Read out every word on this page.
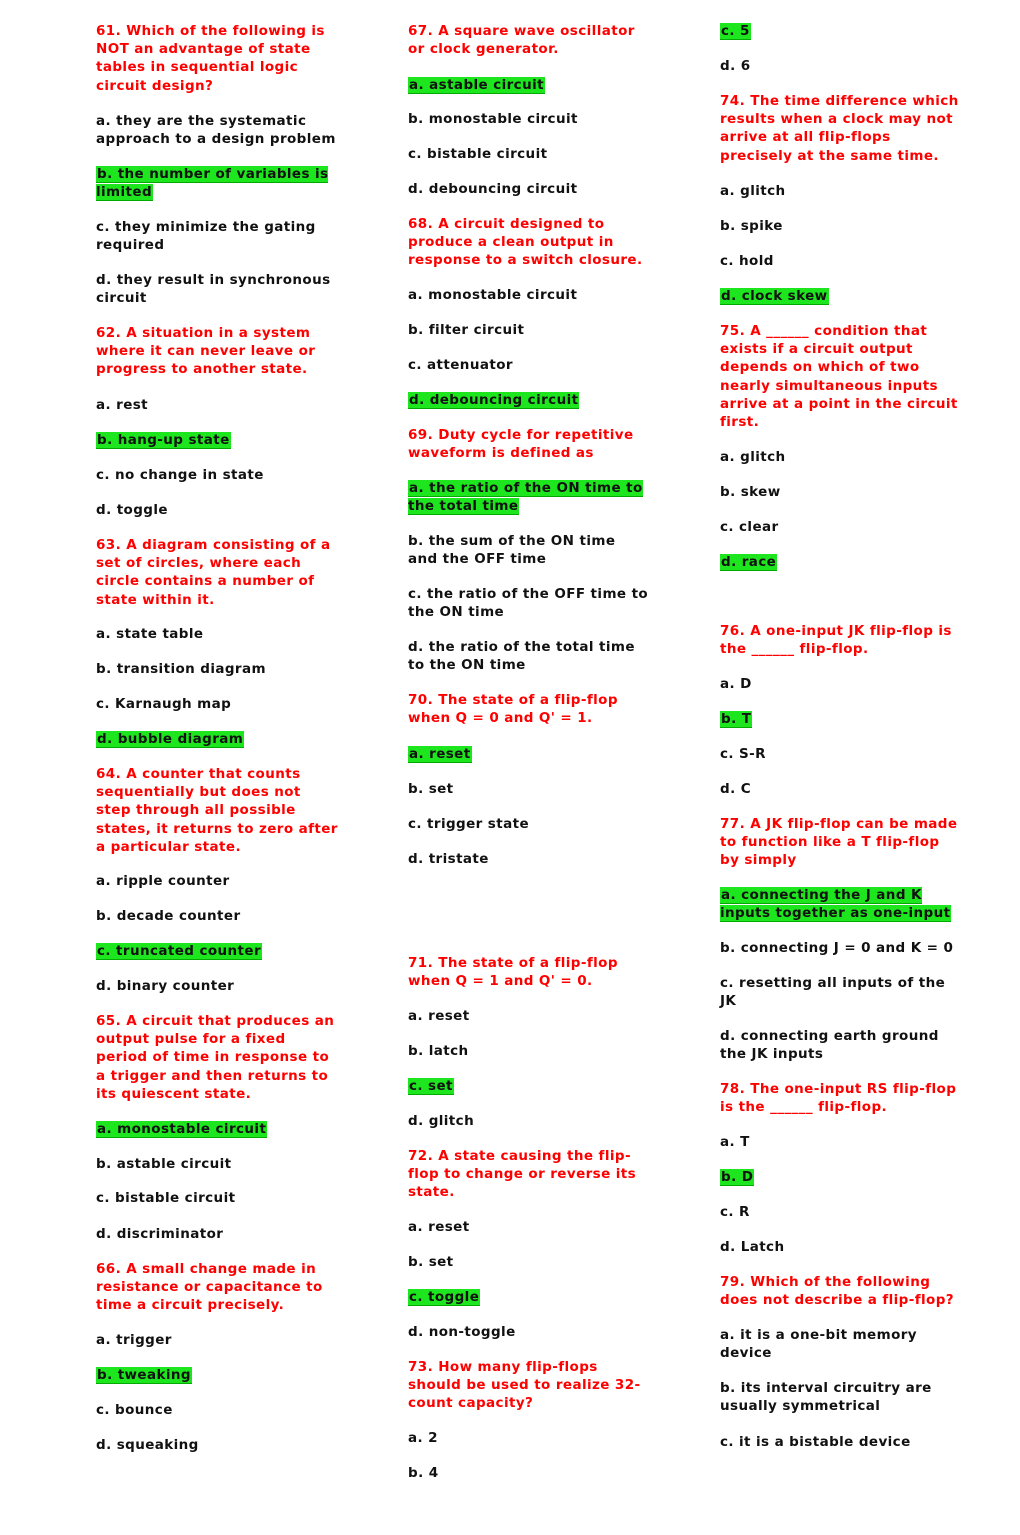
61. Which of the following is
NOT an advantage of state
tables in sequential logic
circuit design?
a. they are the systematic
approach to a design problem
b. the number of variables is
limited
c. they minimize the gating
required
d. they result in synchronous
circuit
62. A situation in a system
where it can never leave or
progress to another state.
a. rest
b. hang-up state
c. no change in state
d. toggle
63. A diagram consisting of a
set of circles, where each
circle contains a number of
state within it.
a. state table
b. transition diagram
c. Karnaugh map
d. bubble diagram
64. A counter that counts
sequentially but does not
step through all possible
states, it returns to zero after
a particular state.
a. ripple counter
b. decade counter
c. truncated counter
d. binary counter
65. A circuit that produces an
output pulse for a fixed
period of time in response to
a trigger and then returns to
its quiescent state.
a. monostable circuit
b. astable circuit
c. bistable circuit
d. discriminator
66. A small change made in
resistance or capacitance to
time a circuit precisely.
a. trigger
b. tweaking
c. bounce
d. squeaking
67. A square wave oscillator
or clock generator.
a. astable circuit
b. monostable circuit
c. bistable circuit
d. debouncing circuit
68. A circuit designed to
produce a clean output in
response to a switch closure.
a. monostable circuit
b. filter circuit
c. attenuator
d. debouncing circuit
69. Duty cycle for repetitive
waveform is defined as
a. the ratio of the ON time to
the total time
b. the sum of the ON time
and the OFF time
c. the ratio of the OFF time to
the ON time
d. the ratio of the total time
to the ON time
70. The state of a flip-flop
when Q = 0 and Q' = 1.
a. reset
b. set
c. trigger state
d. tristate
71. The state of a flip-flop
when Q = 1 and Q' = 0.
a. reset
b. latch
c. set
d. glitch
72. A state causing the flip-
flop to change or reverse its
state.
a. reset
b. set
c. toggle
d. non-toggle
73. How many flip-flops
should be used to realize 32-
count capacity?
a. 2
b. 4
c. 5
d. 6
74. The time difference which
results when a clock may not
arrive at all flip-flops
precisely at the same time.
a. glitch
b. spike
c. hold
d. clock skew
75. A ______ condition that
exists if a circuit output
depends on which of two
nearly simultaneous inputs
arrive at a point in the circuit
first.
a. glitch
b. skew
c. clear
d. race
76. A one-input JK flip-flop is
the ______ flip-flop.
a. D
b. T
c. S-R
d. C
77. A JK flip-flop can be made
to function like a T flip-flop
by simply
a. connecting the J and K
inputs together as one-input
b. connecting J = 0 and K = 0
c. resetting all inputs of the
JK
d. connecting earth ground
the JK inputs
78. The one-input RS flip-flop
is the ______ flip-flop.
a. T
b. D
c. R
d. Latch
79. Which of the following
does not describe a flip-flop?
a. it is a one-bit memory
device
b. its interval circuitry are
usually symmetrical
c. it is a bistable device
